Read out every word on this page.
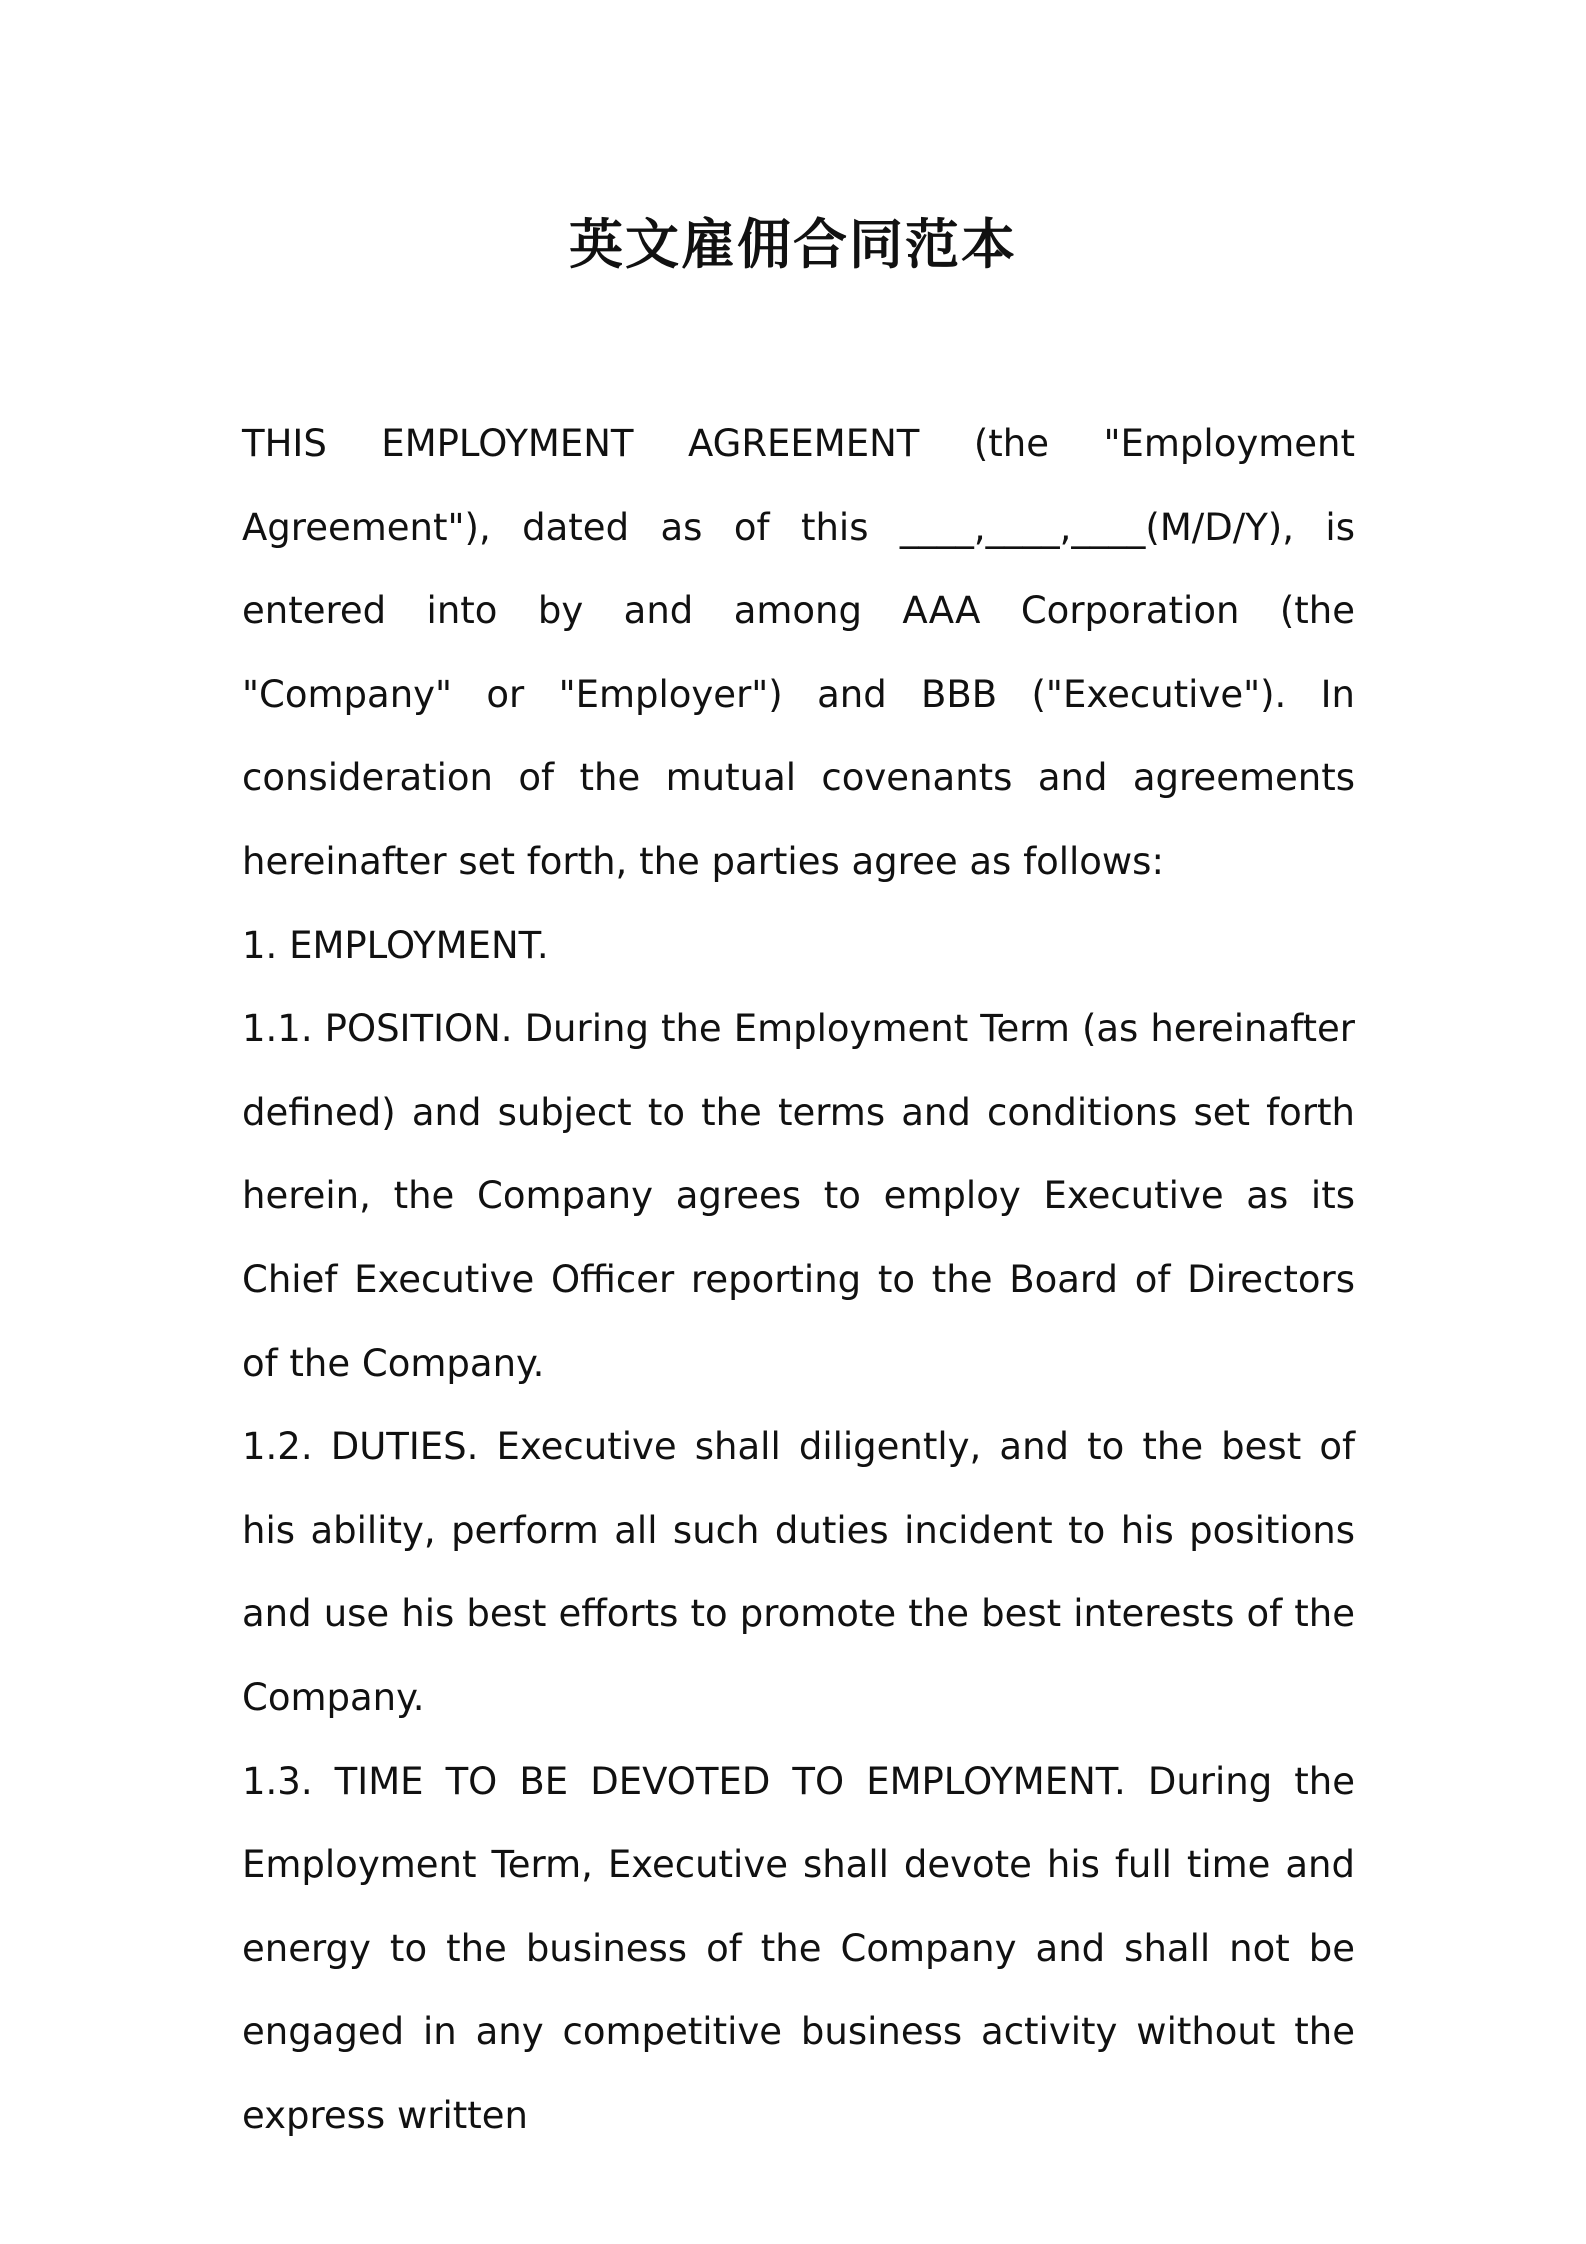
英文雇佣合同范本

THIS EMPLOYMENT AGREEMENT (the "Employment Agreement"), dated as of this ____,____,____(M/D/Y), is entered into by and among AAA Corporation (the "Company" or "Employer") and BBB ("Executive"). In consideration of the mutual covenants and agreements hereinafter set forth, the parties agree as follows:

1. EMPLOYMENT.

1.1. POSITION. During the Employment Term (as hereinafter defined) and subject to the terms and conditions set forth herein, the Company agrees to employ Executive as its Chief Executive Officer reporting to the Board of Directors of the Company.

1.2. DUTIES. Executive shall diligently, and to the best of his ability, perform all such duties incident to his positions and use his best efforts to promote the best interests of the Company.

1.3. TIME TO BE DEVOTED TO EMPLOYMENT. During the Employment Term, Executive shall devote his full time and energy to the business of the Company and shall not be engaged in any competitive business activity without the express written
